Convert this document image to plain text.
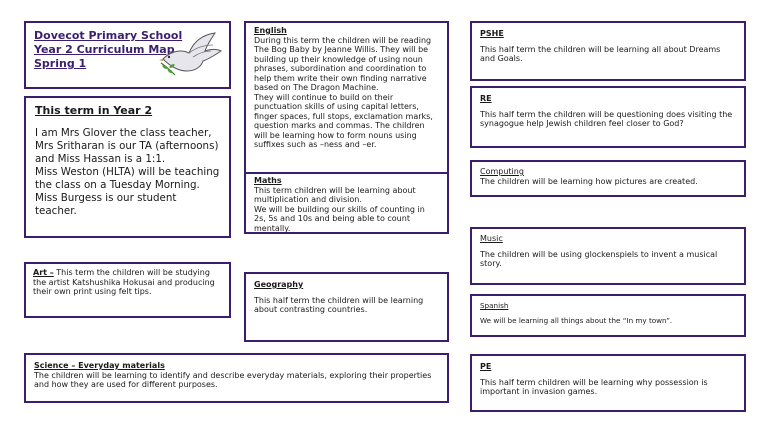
Dovecot Primary School
Year 2 Curriculum Map
Spring 1
This term in Year 2

I am Mrs Glover the class teacher, Mrs Sritharan is our TA (afternoons) and Miss Hassan is a 1:1.

Miss Weston (HLTA) will be teaching the class on a Tuesday Morning. Miss Burgess is our student teacher.

English

During this term the children will be reading The Bog Baby by Jeanne Willis. They will be building up their knowledge of using noun phrases, subordination and coordination to help them write their own finding narrative based on The Dragon Machine.

They will continue to build on their punctuation skills of using capital letters, finger spaces, full stops, exclamation marks, question marks and commas. The children will be learning how to form nouns using suffixes such as –ness and –er.

Maths

This term children will be learning about multiplication and division.

We will be building our skills of counting in 2s, 5s and 10s and being able to count mentally.

Art – This term the children will be studying the artist Katshushika Hokusai and producing their own print using felt tips.

Geography

This half term the children will be learning about contrasting countries.

Science – Everyday materials

The children will be learning to identify and describe everyday materials, exploring their properties and how they are used for different purposes.

PSHE

This half term the children will be learning all about Dreams and Goals.

RE

This half term the children will be questioning does visiting the synagogue help Jewish children feel closer to God?

Computing

The children will be learning how pictures are created.

Music

The children will be using glockenspiels to invent a musical story.

Spanish

We will be learning all things about the “In my town”.

PE

This half term children will be learning why possession is important in invasion games.
